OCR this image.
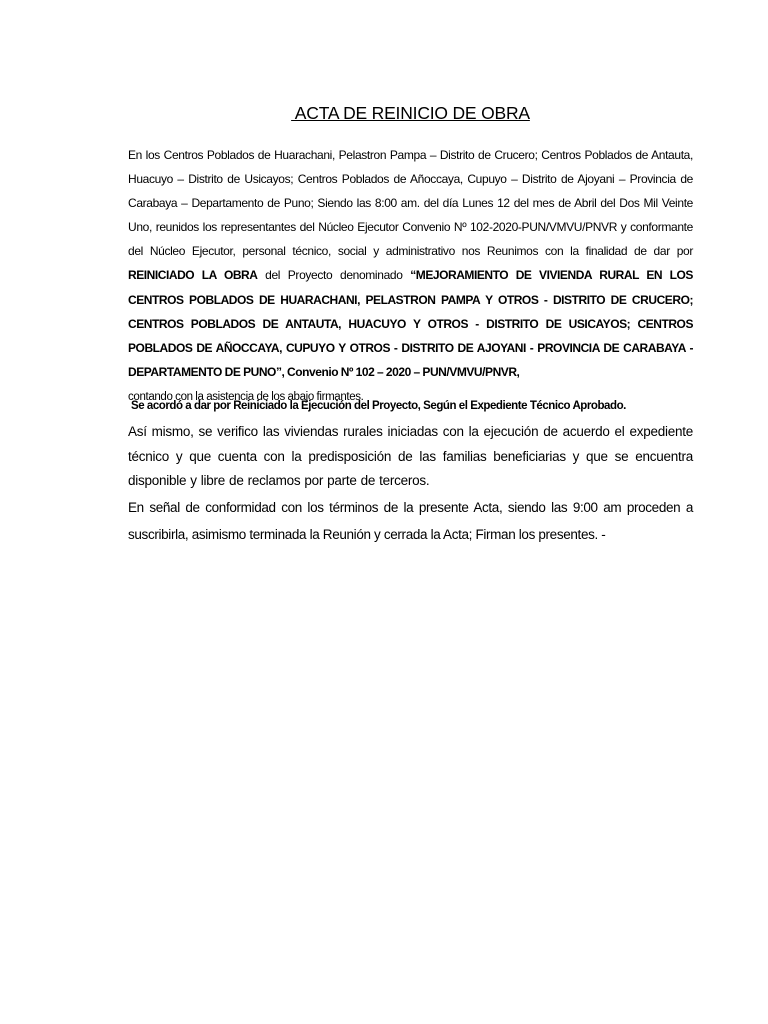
ACTA DE REINICIO DE OBRA
En los Centros Poblados de Huarachani, Pelastron Pampa – Distrito de Crucero; Centros Poblados de Antauta, Huacuyo – Distrito de Usicayos; Centros Poblados de Añoccaya, Cupuyo – Distrito de Ajoyani – Provincia de Carabaya – Departamento de Puno; Siendo las 8:00 am. del día Lunes 12 del mes de Abril del Dos Mil Veinte Uno, reunidos los representantes del Núcleo Ejecutor Convenio Nº 102-2020-PUN/VMVU/PNVR y conformante del Núcleo Ejecutor, personal técnico, social y administrativo nos Reunimos con la finalidad de dar por REINICIADO LA OBRA del Proyecto denominado “MEJORAMIENTO DE VIVIENDA RURAL EN LOS CENTROS POBLADOS DE HUARACHANI, PELASTRON PAMPA Y OTROS - DISTRITO DE CRUCERO; CENTROS POBLADOS DE ANTAUTA, HUACUYO Y OTROS - DISTRITO DE USICAYOS; CENTROS POBLADOS DE AÑOCCAYA, CUPUYO Y OTROS - DISTRITO DE AJOYANI - PROVINCIA DE CARABAYA - DEPARTAMENTO DE PUNO”, Convenio Nº 102 – 2020 – PUN/VMVU/PNVR,
contando con la asistencia de los abajo firmantes.
Se acordó a dar por Reiniciado la Ejecución del Proyecto, Según el Expediente Técnico Aprobado.
Así mismo, se verifico las viviendas rurales iniciadas con la ejecución de acuerdo el expediente técnico y que cuenta con la predisposición de las familias beneficiarias y que se encuentra disponible y libre de reclamos por parte de terceros.
En señal de conformidad con los términos de la presente Acta, siendo las 9:00 am proceden a suscribirla, asimismo terminada la Reunión y cerrada la Acta; Firman los presentes. -
